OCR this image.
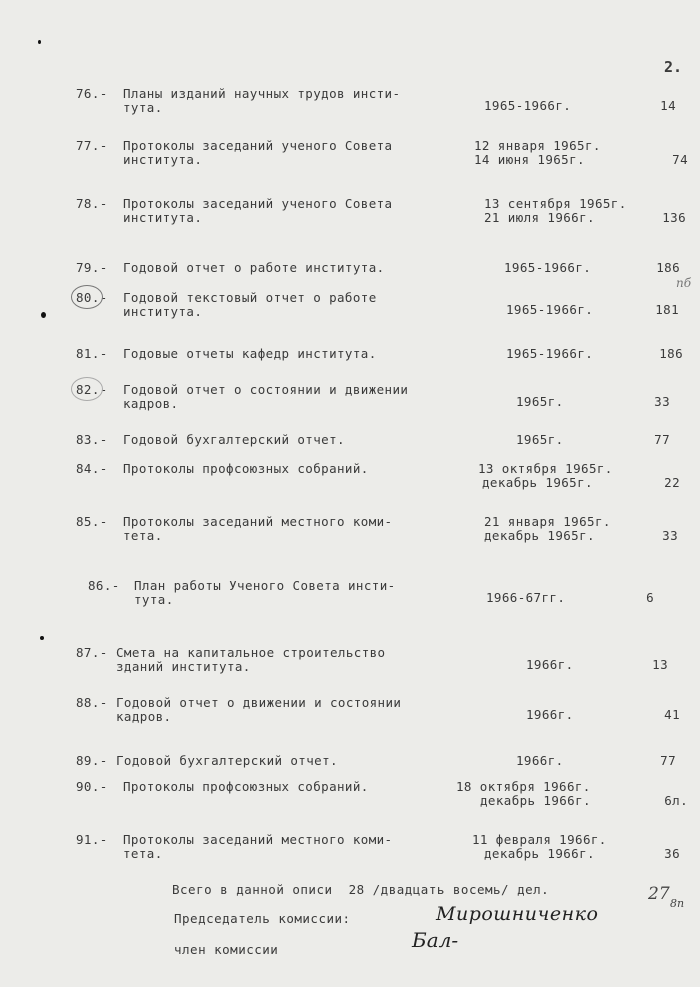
2.
76.- Планы изданий научных трудов инсти-
тута.	1965-1966г.	14
77.- Протоколы заседаний ученого Совета
института.
12 января 1965г.
14 июня 1965г.	74
78.- Протоколы заседаний ученого Совета
института.
13 сентября 1965г.
21 июля 1966г.	136
79.- Годовой отчет о работе института.	1965-1966г.	186
80.- Годовой текстовый отчет о работе
института.	1965-1966г.	181
81.- Годовые отчеты кафедр института.	1965-1966г.	186
82.- Годовой отчет о состоянии и движении
кадров.	1965г.	33
83.- Годовой бухгалтерский отчет.	1965г.	77
84.- Протоколы профсоюзных собраний.	13 октября 1965г.
декабрь 1965г.	22
85.- Протоколы заседаний местного коми-
тета.
21 января 1965г.
декабрь 1965г.	33
86.- План работы Ученого Совета инсти-
тута.	1966-67гг.	6
87.- Смета на капитальное строительство
зданий института.	1966г.	13
88.- Годовой отчет о движении и состоянии
кадров.	1966г.	41
89.- Годовой бухгалтерский отчет.	1966г.	77
90.- Протоколы профсоюзных собраний.	18 октября 1966г.
декабрь 1966г.	6л.
91.- Протоколы заседаний местного коми-
тета.
11 февраля 1966г.
декабрь 1966г.	36
пб
Всего в данной описи  28 /двадцать восемь/ дел.	27 8п
Председатель комиссии:	Мирошниченко
член комиссии	Бал-
